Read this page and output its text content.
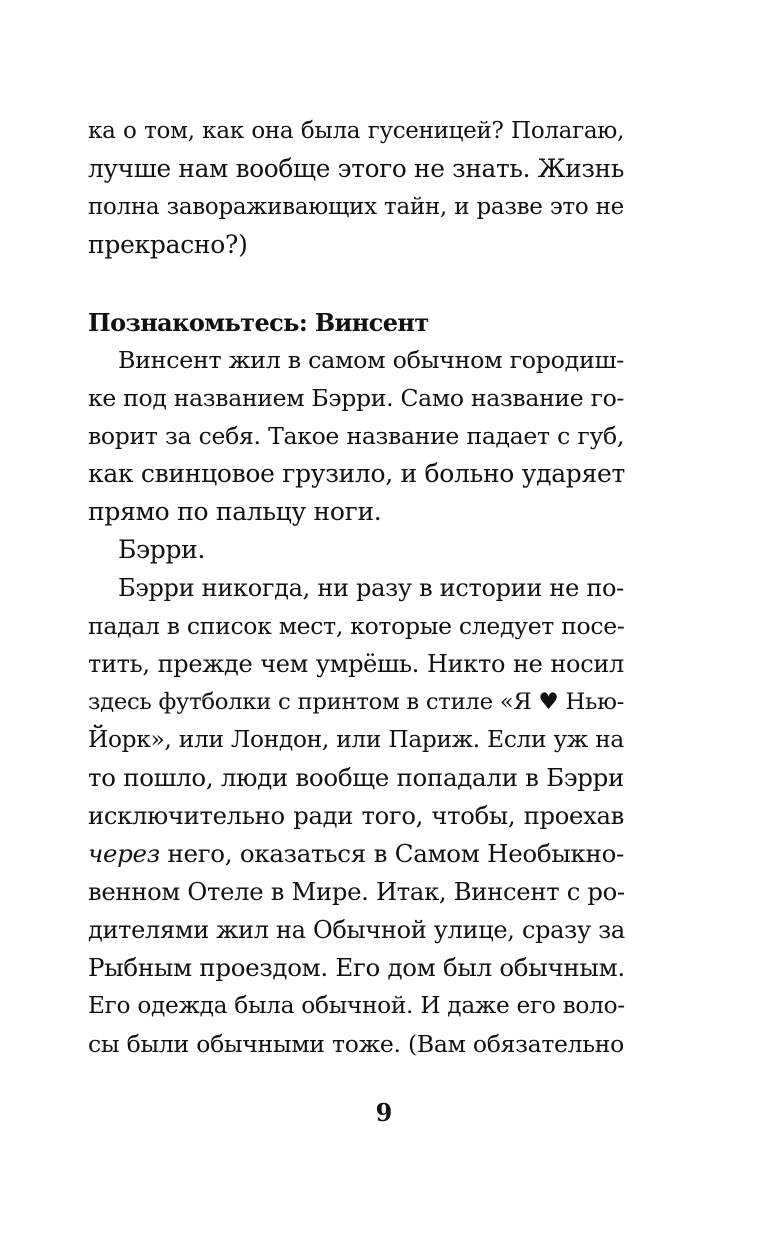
ка о том, как она была гусеницей? Полагаю,
лучше нам вообще этого не знать. Жизнь
полна завораживающих тайн, и разве это не
прекрасно?)
Познакомьтесь: Винсент
Винсент жил в самом обычном городиш-
ке под названием Бэрри. Само название го-
ворит за себя. Такое название падает с губ,
как свинцовое грузило, и больно ударяет
прямо по пальцу ноги.
Бэрри.
Бэрри никогда, ни разу в истории не по-
падал в список мест, которые следует посе-
тить, прежде чем умрёшь. Никто не носил
здесь футболки с принтом в стиле «Я ♥ Нью-
Йорк», или Лондон, или Париж. Если уж на
то пошло, люди вообще попадали в Бэрри
исключительно ради того, чтобы, проехав
через него, оказаться в Самом Необыкно-
венном Отеле в Мире. Итак, Винсент с ро-
дителями жил на Обычной улице, сразу за
Рыбным проездом. Его дом был обычным.
Его одежда была обычной. И даже его воло-
сы были обычными тоже. (Вам обязательно
9
